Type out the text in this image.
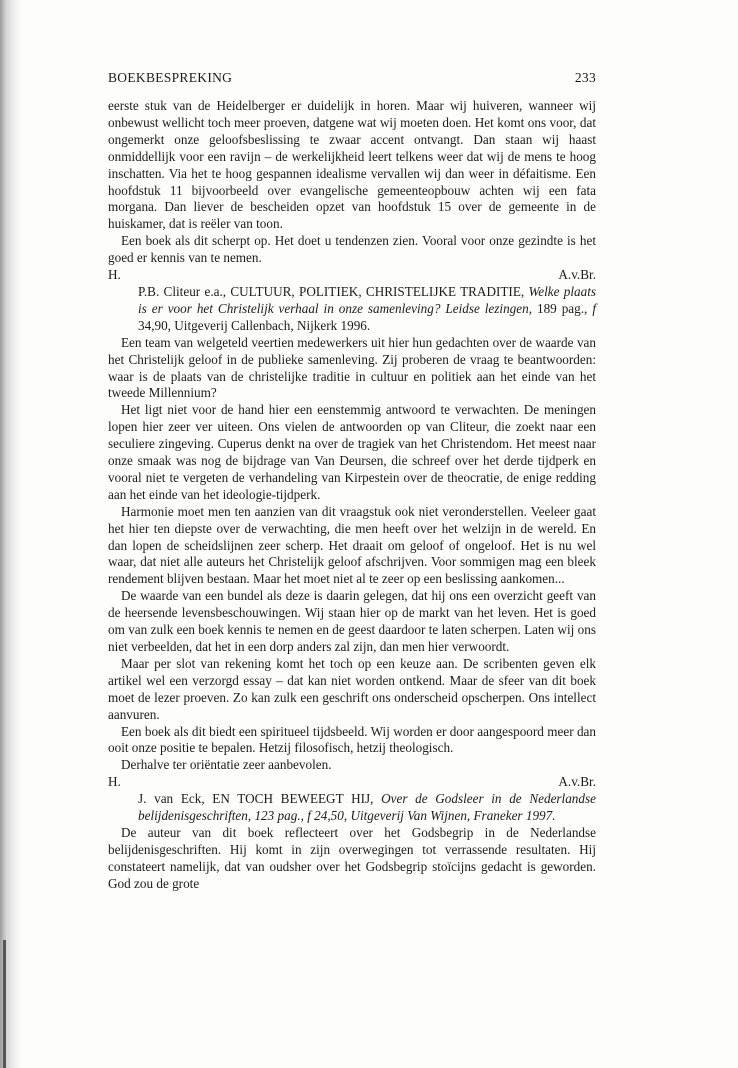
BOEKBESPREKING	233

eerste stuk van de Heidelberger er duidelijk in horen. Maar wij huiveren, wanneer wij onbewust wellicht toch meer proeven, datgene wat wij moeten doen. Het komt ons voor, dat ongemerkt onze geloofsbeslissing te zwaar accent ontvangt. Dan staan wij haast onmiddellijk voor een ravijn – de werkelijkheid leert telkens weer dat wij de mens te hoog inschatten. Via het te hoog gespannen idealisme vervallen wij dan weer in défaitisme. Een hoofdstuk 11 bijvoorbeeld over evangelische gemeenteopbouw achten wij een fata morgana. Dan liever de bescheiden opzet van hoofdstuk 15 over de gemeente in de huiskamer, dat is reëler van toon.

Een boek als dit scherpt op. Het doet u tendenzen zien. Vooral voor onze gezindte is het goed er kennis van te nemen.

H.	A.v.Br.

P.B. Cliteur e.a., CULTUUR, POLITIEK, CHRISTELIJKE TRADITIE, Welke plaats is er voor het Christelijk verhaal in onze samenleving? Leidse lezingen, 189 pag., f 34,90, Uitgeverij Callenbach, Nijkerk 1996.

Een team van welgeteld veertien medewerkers uit hier hun gedachten over de waarde van het Christelijk geloof in de publieke samenleving. Zij proberen de vraag te beantwoorden: waar is de plaats van de christelijke traditie in cultuur en politiek aan het einde van het tweede Millennium?

Het ligt niet voor de hand hier een eenstemmig antwoord te verwachten. De meningen lopen hier zeer ver uiteen. Ons vielen de antwoorden op van Cliteur, die zoekt naar een seculiere zingeving. Cuperus denkt na over de tragiek van het Christendom. Het meest naar onze smaak was nog de bijdrage van Van Deursen, die schreef over het derde tijdperk en vooral niet te vergeten de verhandeling van Kirpestein over de theocratie, de enige redding aan het einde van het ideologie-tijdperk.

Harmonie moet men ten aanzien van dit vraagstuk ook niet veronderstellen. Veeleer gaat het hier ten diepste over de verwachting, die men heeft over het welzijn in de wereld. En dan lopen de scheidslijnen zeer scherp. Het draait om geloof of ongeloof. Het is nu wel waar, dat niet alle auteurs het Christelijk geloof afschrijven. Voor sommigen mag een bleek rendement blijven bestaan. Maar het moet niet al te zeer op een beslissing aankomen...

De waarde van een bundel als deze is daarin gelegen, dat hij ons een overzicht geeft van de heersende levensbeschouwingen. Wij staan hier op de markt van het leven. Het is goed om van zulk een boek kennis te nemen en de geest daardoor te laten scherpen. Laten wij ons niet verbeelden, dat het in een dorp anders zal zijn, dan men hier verwoordt.

Maar per slot van rekening komt het toch op een keuze aan. De scribenten geven elk artikel wel een verzorgd essay – dat kan niet worden ontkend. Maar de sfeer van dit boek moet de lezer proeven. Zo kan zulk een geschrift ons onderscheid opscherpen. Ons intellect aanvuren.

Een boek als dit biedt een spiritueel tijdsbeeld. Wij worden er door aangespoord meer dan ooit onze positie te bepalen. Hetzij filosofisch, hetzij theologisch.

Derhalve ter oriëntatie zeer aanbevolen.

H.	A.v.Br.

J. van Eck, EN TOCH BEWEEGT HIJ, Over de Godsleer in de Nederlandse belijdenisgeschriften, 123 pag., f 24,50, Uitgeverij Van Wijnen, Franeker 1997.

De auteur van dit boek reflecteert over het Godsbegrip in de Nederlandse belijdenisgeschriften. Hij komt in zijn overwegingen tot verrassende resultaten. Hij constateert namelijk, dat van oudsher over het Godsbegrip stoïcijns gedacht is geworden. God zou de grote
